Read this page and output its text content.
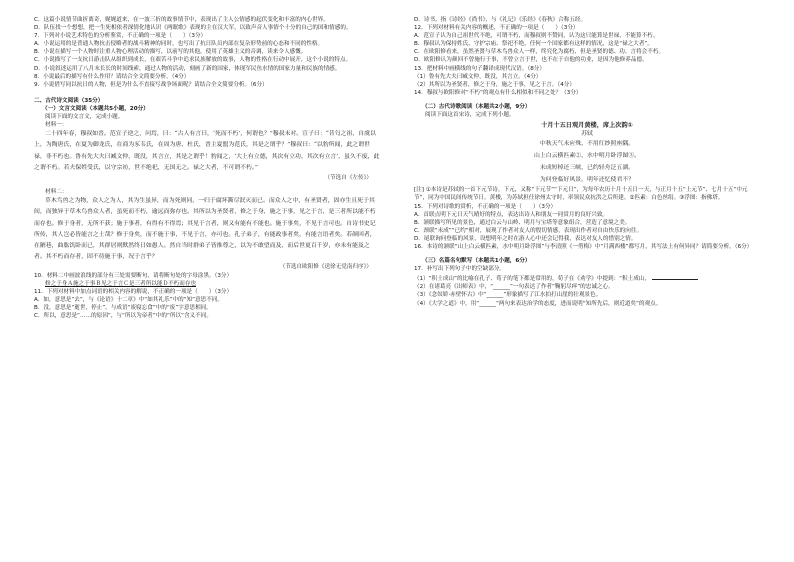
C．这篇小说情节曲折离奇，娓娓道来，在一波三折的故事情节中，表现出了主人公情感的起伏变化和丰富的内心世界。

D．队伍找一个想想，把一生死相依者深情化地认识《两眠歌》表现的主在汉大军，以致声音人事情个十分的自己的国和情感的。

7．下列对小说艺术特色的分析鉴赏，不正确的一项是（　　）（3分）

A．小说运用的是普通人物抗击侵略者的战斗精神的同时，也写出了抗日队员内部在复杂形势前的心态和不同的性格。

B．小说在描写一个人物时注重人物心理活动的描写，以前写的其他，使用了英雄主义的音调，读来令人感慨。

C．小说描写了一支抗日游击队从组织到成长，在艰苦斗争中追求民族解放的故事，人物的性格在行动中展开，这个小说的特点。

D．小说叙述运用了八月末长长的时间线索，通过人物的活动，刻画了新的国家，体现军民鱼水情的国家力量和民族的情感。

8．小说最后的描写有什么作用？请结合全文简要分析。（4分）

9．小说借写同以抗日的人物，但是为什么不直接写战争场面呢？请结合全文简要分析。（6分）

二、古代诗文阅读（35分）

（一）文言文阅读（本题共5小题，20分）

阅读下面的文言文，完成小题。

材料一：

二十四年春，穆叔如晋。范宣子逆之，问焉，曰：“古人有言曰，‘死而不朽’，何谓也？”穆叔未对。宣子曰：“昔匄之祖，自虞以上，为陶唐氏，在夏为御龙氏，在商为豕韦氏，在周为唐、杜氏，晋主夏盟为范氏，其是之谓乎？”穆叔曰：“以豹所闻，此之谓世禄，非不朽也。鲁有先大夫曰臧文仲，既没，其言立，其是之谓乎！豹闻之，‘大上有立德，其次有立功，其次有立言’，虽久不废，此之谓不朽。若夫保姓受氏，以守宗祊，世不绝祀，无国无之。禄之大者，不可谓不朽。”

（节选自《左传》）

材料二：

草木鸟兽之为物，众人之为人，其为生虽异，而为死则同，一归于腐坏澌尽泯灭而已。而众人之中，有圣贤者，固亦生且死于其间，而独异于草木鸟兽众人者，虽死而不朽，逾远而弥存也。其所以为圣贤者，修之于身，施之于事，见之于言，是三者所以能不朽而存也。修于身者，无所不获；施于事者，有得有不得焉；其见于言者，则又有能有不能也。施于事矣，不见于言可也。自诗书史记所传，其人岂必皆能言之士哉？修于身矣，而不施于事，不见于言，亦可也。孔子弟子，有能政事者矣，有能言语者矣。若颜回者，在陋巷，曲肱饥卧而已，其群居则默然终日如愚人。然自当时群弟子皆推尊之，以为不敢望而及，而后世更百千岁，亦未有能及之者。其不朽而存者，固不待施于事，况于言乎？

（节选自欧阳修《送徐无党南归序》）

10．材料二中画波浪线的部分有三处需要断句，请将断句处的字母涂黑。（3分）

修之于身Ａ施之于事Ｂ见之于言Ｃ是三者所以能Ｄ不朽而存也

11．下列对材料中加点词语的相关内容的解说，不正确的一项是（　　）（3分）

A．如，意思是“去”，与《论语》十二章》中“如其礼乐”中的“知”意思不同。

B．没，意思是“逝世，停止”，与成语“废寝忘食”中的“废”字意思相同。

C．所以，意思是“……的原因”，与“所以为帝者”中的“所以”含义不同。

D．诗书，指《诗经》《尚书》，与《礼记》《乐经》《春秋》合称五经。

12．下列对材料有关内容的概述，不正确的一项是（　　）（3分）

A．范宣子认为自己祖世代不绝，可谓不朽，而穆叔则不赞同，认为这只能算是世禄，不能算不朽。

B．穆叔认为保持姓氏、守护宗庙、祭祀不绝，任何一个国家都有这样的情况，这是“禄之大者”。

C．在欧阳修看来，虽然圣贤与草木鸟兽众人一样，终究化为腐朽，但是圣贤的德、功、言将会不朽。

D．欧阳修认为颜回不曾施行于事，不曾立言于世，也不在于自他的功业，是因为他修养品德。

13．把材料中画横线的句子翻译成现代汉语。（8分）

（1）鲁有先大夫曰臧文仲，既没，其言立。（4分）

（2）其所以为圣贤者，修之于身，施之于事，见之于言。（4分）

14．穆叔与欧阳修对“不朽”的观点有什么相似和不同之处？（3分）

（二）古代诗歌阅读（本题共2小题，9分）

阅读下面这首宋诗，完成下列小题。

十月十五日观月黄楼，席上次韵①

苏轼

中秋天气未应殊，不用红纱照座隅。

山上白云横匹素②，水中明月卧浮图③。

未成短棹还三峡，已约轻舟泛五湖。

为问登临好风景，明年还忆使君不？

[注] ①本诗是苏轼的一首下元节诗。下元，又称“下元节”“下元日”，为每年农历十月十五日一天，与正月十五“上元节”、七月十五“中元节”，同为中国民间传统节日。黄楼，为苏轼担任徐州太守时，率领民众抗洪之后所建。②匹素：白色丝绢。③浮图：指佛塔。

15．下列对诗歌的赏析，不正确的一项是（　　）（3分）

A．首联点明下元日天气晴好的特点，表达出诗人和朋友一同赏月的良好兴致。

B．颔联描写所见的景色，通过白云与山岭、明月与宝塔等意象组合，营造了意境之美。

C．颈联“未成”“已约”相对，展现了作者对友人的殷切情感，表现出作者对自由快乐的向往。

D．尾联询问登临的风景，设想明年之时在游人心中还会记得我，表达对友人的惜别之情。

16．本诗的颔联“山上白云横匹素，水中明月卧浮图”与李清照《一剪梅》中“月满西楼”都写月，其写法上有何异同？请简要分析。（6分）

（三）名篇名句默写（本题共1小题，6分）

17．补写出下列句子中的空缺部分。

（1）“积土成山”的比喻在孔子、荀子的笔下都是常用的。荀子在《劝学》中提到：“积土成山，

（2）在诸葛亮《出师表》中，“______”一句表达了作者“鞠躬尽瘁”的忠诚之心。

（3）《念奴娇·赤壁怀古》中“______”形象描写了江水拍打山崖的壮观景色。

（4）《大学之道》中，用“______”两句来表达治学的态度，进而说明“知所先后，则近道矣”的观点。
